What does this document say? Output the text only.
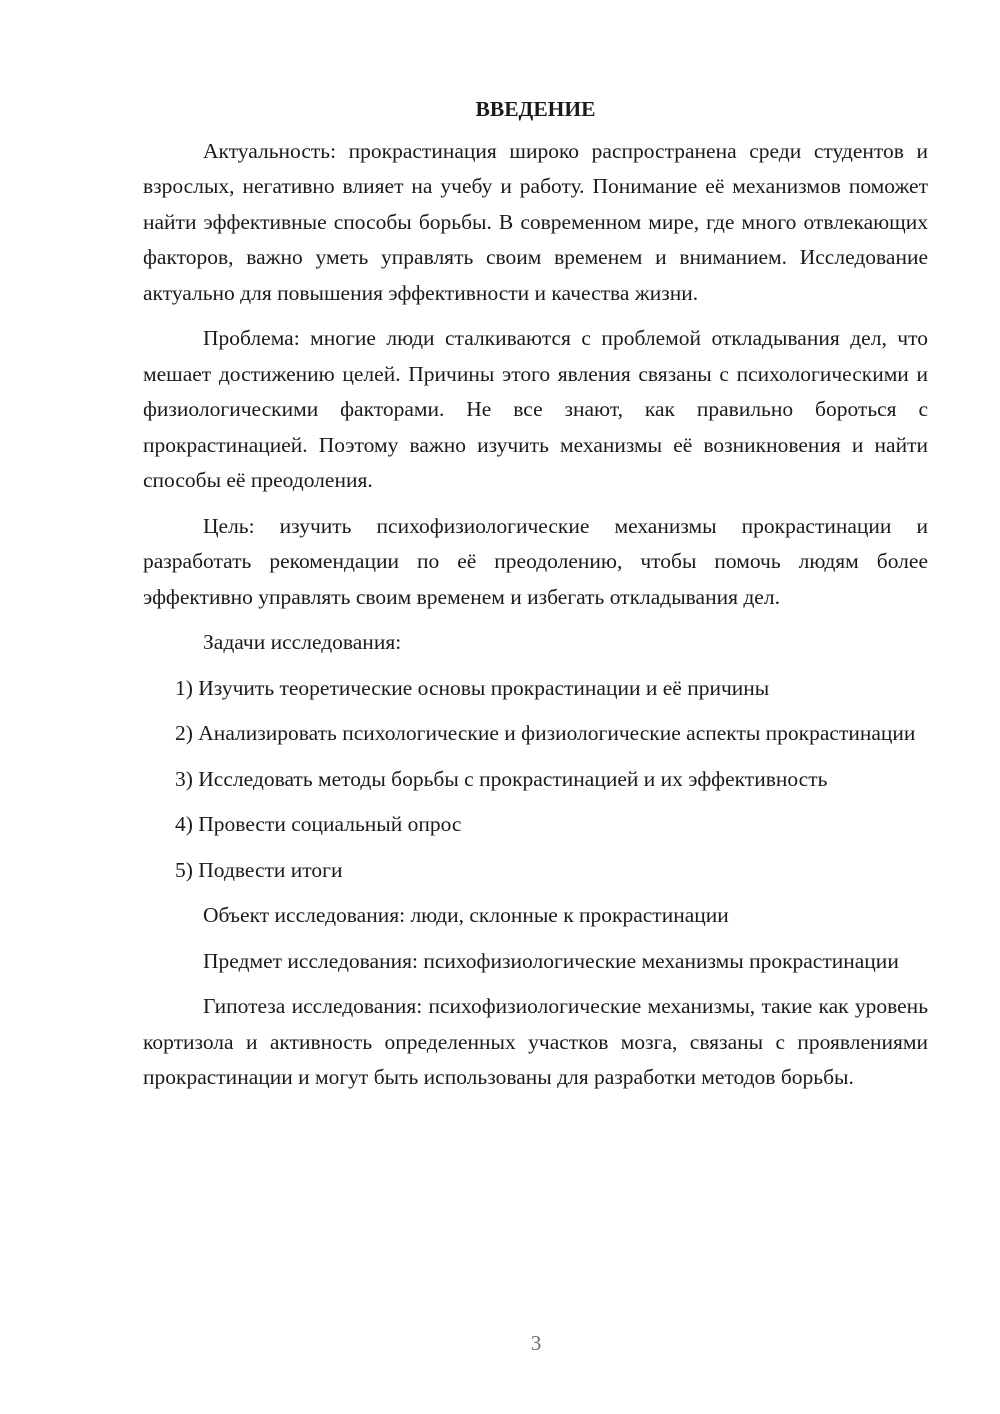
ВВЕДЕНИЕ

Актуальность: прокрастинация широко распространена среди студентов и взрослых, негативно влияет на учебу и работу. Понимание её механизмов поможет найти эффективные способы борьбы. В современном мире, где много отвлекающих факторов, важно уметь управлять своим временем и вниманием. Исследование актуально для повышения эффективности и качества жизни.

Проблема: многие люди сталкиваются с проблемой откладывания дел, что мешает достижению целей. Причины этого явления связаны с психологическими и физиологическими факторами. Не все знают, как правильно бороться с прокрастинацией. Поэтому важно изучить механизмы её возникновения и найти способы её преодоления.

Цель: изучить психофизиологические механизмы прокрастинации и разработать рекомендации по её преодолению, чтобы помочь людям более эффективно управлять своим временем и избегать откладывания дел.

Задачи исследования:

1) Изучить теоретические основы прокрастинации и её причины

2) Анализировать психологические и физиологические аспекты прокрастинации

3) Исследовать методы борьбы с прокрастинацией и их эффективность

4) Провести социальный опрос

5) Подвести итоги

Объект исследования: люди, склонные к прокрастинации

Предмет исследования: психофизиологические механизмы прокрастинации

Гипотеза исследования: психофизиологические механизмы, такие как уровень кортизола и активность определенных участков мозга, связаны с проявлениями прокрастинации и могут быть использованы для разработки методов борьбы.

3
